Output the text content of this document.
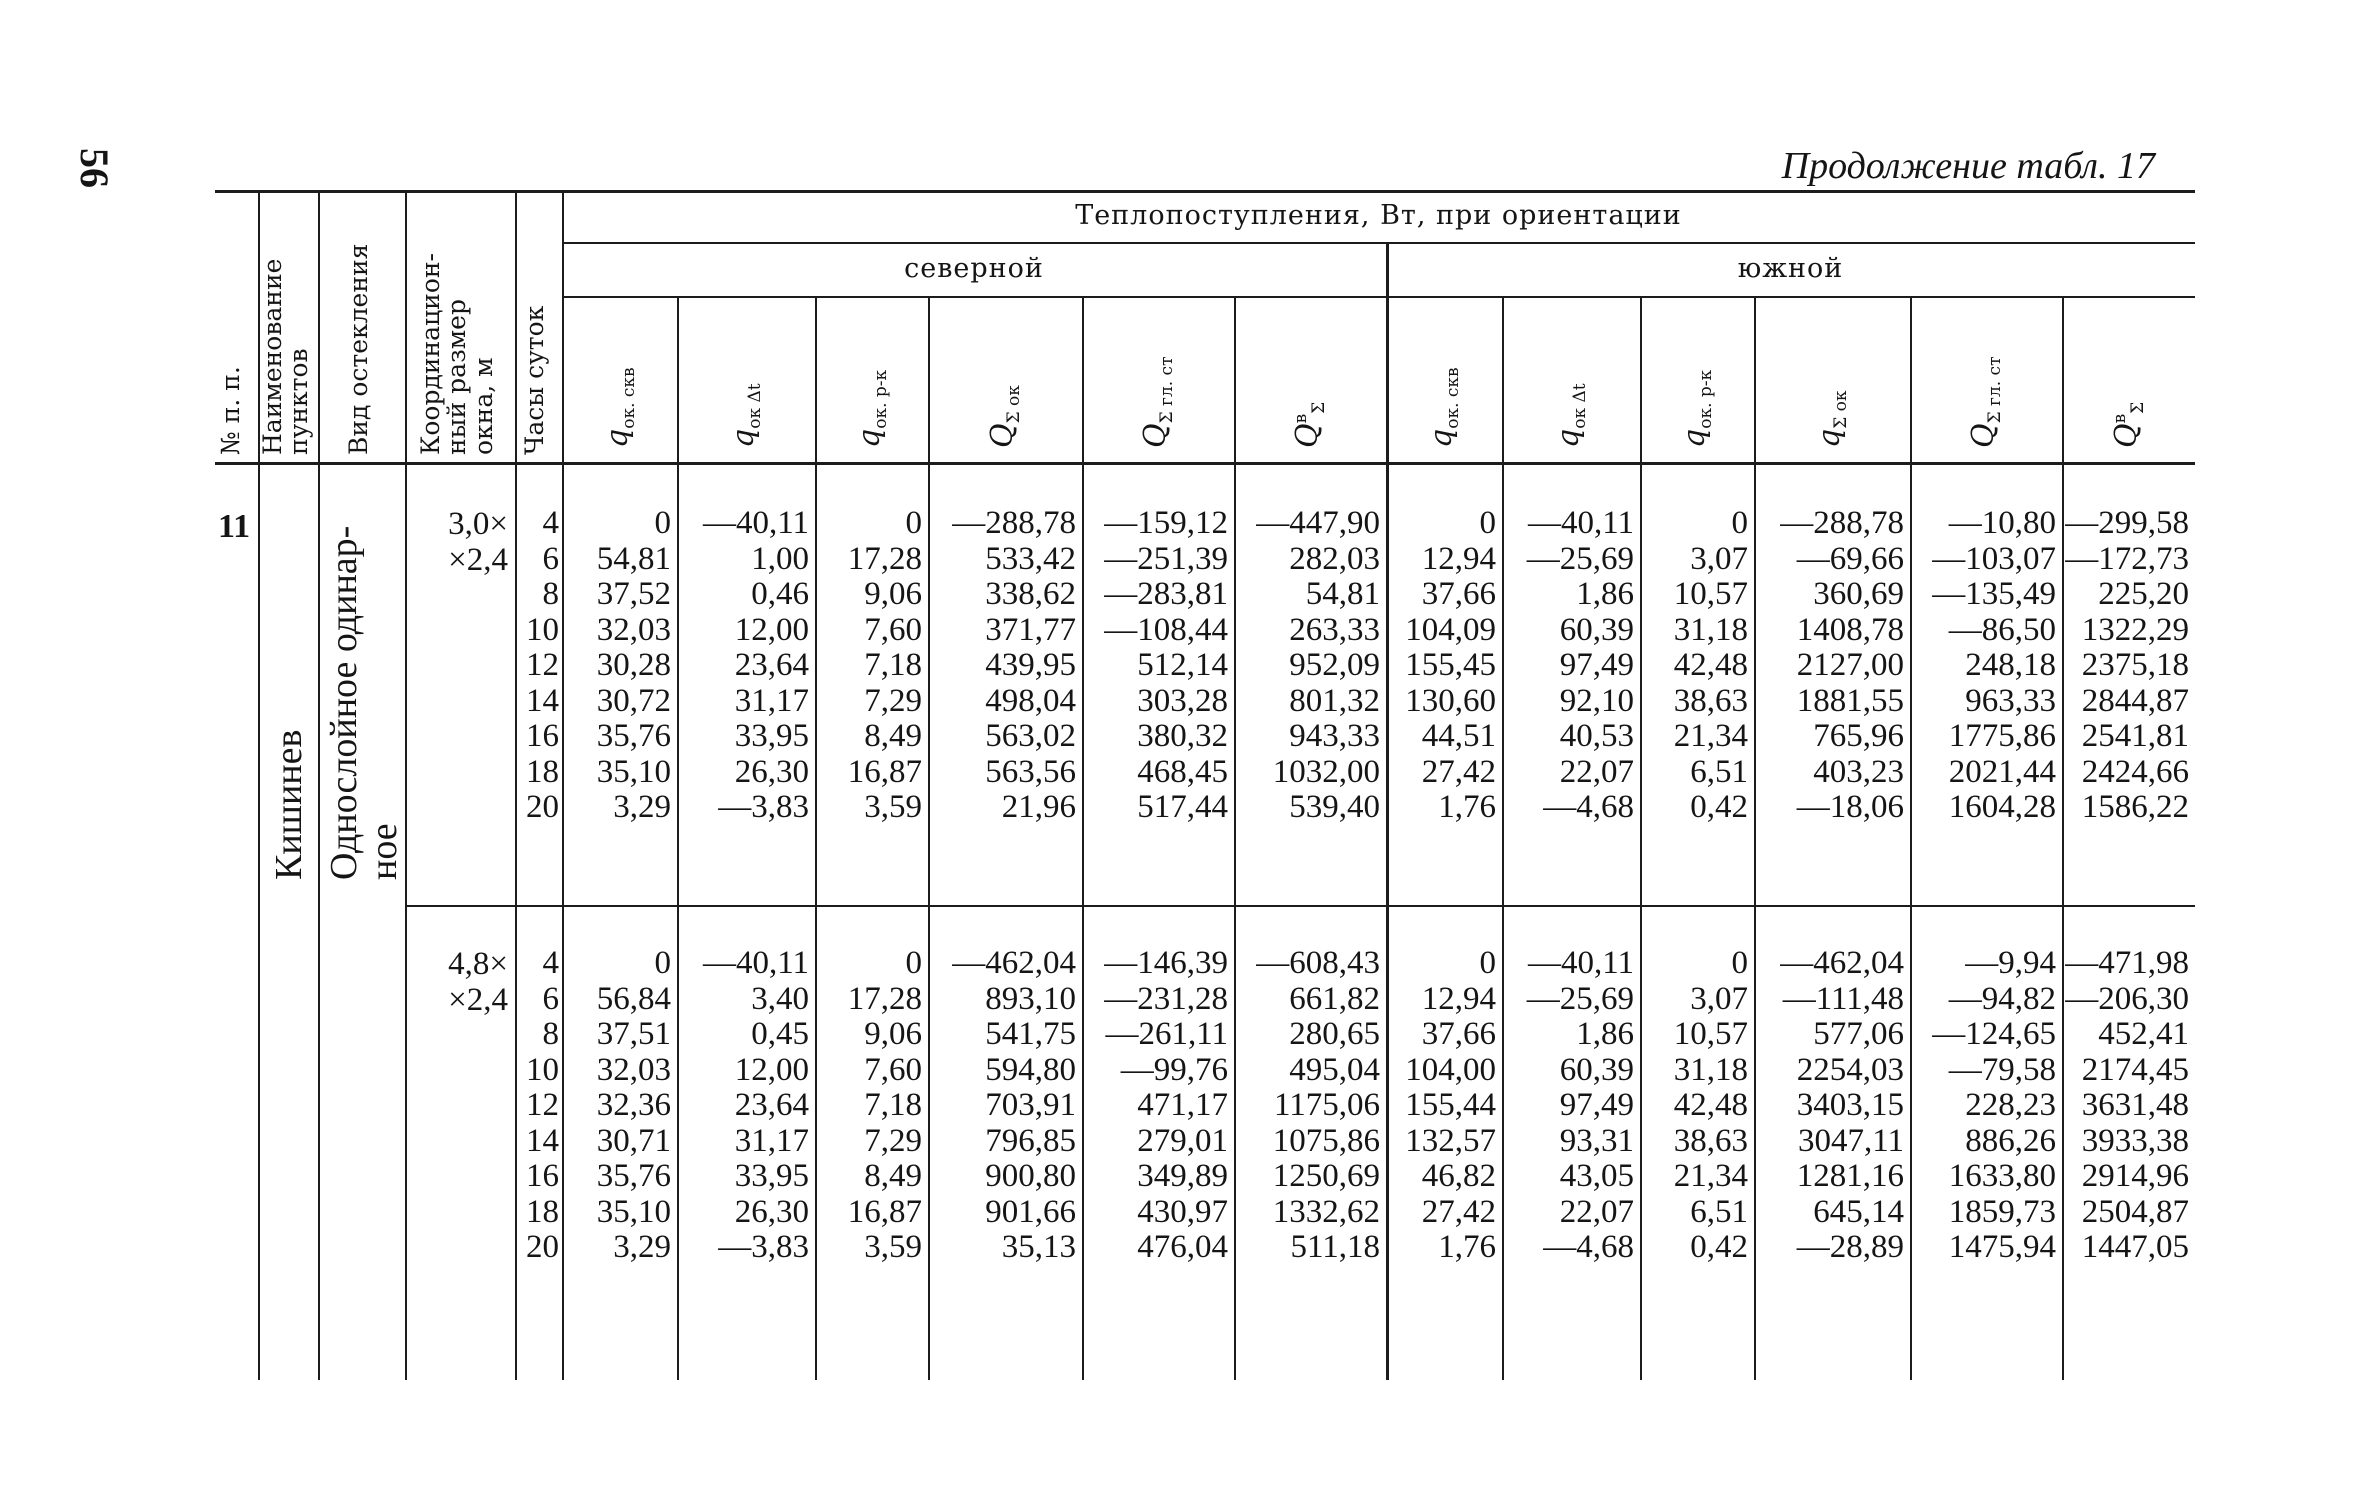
56	Продолжение табл. 17
№ п. п. Наименование
пунктов Вид остекления Координацион-
ный размер
окна, м Часы суток
Теплопоступления, Вт, при ориентации
северной	южной
$q_{ок. скв}$
$q_{ок \Delta t}$
$q_{ок. р-к}$
$Q_{\Sigma ок}$
$Q_{\Sigma гл. ст}$
$Q^в_\Sigma$
$q_{ок. скв}$
$q_{ок \Delta t}$
$q_{ок. р-к}$
$q_{\Sigma ок}$
$Q_{\Sigma гл. ст}$
$Q^в_\Sigma$
11
Кишинев Однослойное одинар-
ное
3,0×
×2,4
4
6
8
10
12
14
16
18
20
0
54,81
37,52
32,03
30,28
30,72
35,76
35,10
3,29
—40,11
1,00
0,46
12,00
23,64
31,17
33,95
26,30
—3,83
0
17,28
9,06
7,60
7,18
7,29
8,49
16,87
3,59
—288,78
533,42
338,62
371,77
439,95
498,04
563,02
563,56
21,96
—159,12
—251,39
—283,81
—108,44
512,14
303,28
380,32
468,45
517,44
—447,90
282,03
54,81
263,33
952,09
801,32
943,33
1032,00
539,40
0
12,94
37,66
104,09
155,45
130,60
44,51
27,42
1,76
—40,11
—25,69
1,86
60,39
97,49
92,10
40,53
22,07
—4,68
0
3,07
10,57
31,18
42,48
38,63
21,34
6,51
0,42
—288,78
—69,66
360,69
1408,78
2127,00
1881,55
765,96
403,23
—18,06
—10,80
—103,07
—135,49
—86,50
248,18
963,33
1775,86
2021,44
1604,28
—299,58
—172,73
225,20
1322,29
2375,18
2844,87
2541,81
2424,66
1586,22
4,8×
×2,4
4
6
8
10
12
14
16
18
20
0
56,84
37,51
32,03
32,36
30,71
35,76
35,10
3,29
—40,11
3,40
0,45
12,00
23,64
31,17
33,95
26,30
—3,83
0
17,28
9,06
7,60
7,18
7,29
8,49
16,87
3,59
—462,04
893,10
541,75
594,80
703,91
796,85
900,80
901,66
35,13
—146,39
—231,28
—261,11
—99,76
471,17
279,01
349,89
430,97
476,04
—608,43
661,82
280,65
495,04
1175,06
1075,86
1250,69
1332,62
511,18
0
12,94
37,66
104,00
155,44
132,57
46,82
27,42
1,76
—40,11
—25,69
1,86
60,39
97,49
93,31
43,05
22,07
—4,68
0
3,07
10,57
31,18
42,48
38,63
21,34
6,51
0,42
—462,04
—111,48
577,06
2254,03
3403,15
3047,11
1281,16
645,14
—28,89
—9,94
—94,82
—124,65
—79,58
228,23
886,26
1633,80
1859,73
1475,94
—471,98
—206,30
452,41
2174,45
3631,48
3933,38
2914,96
2504,87
1447,05
